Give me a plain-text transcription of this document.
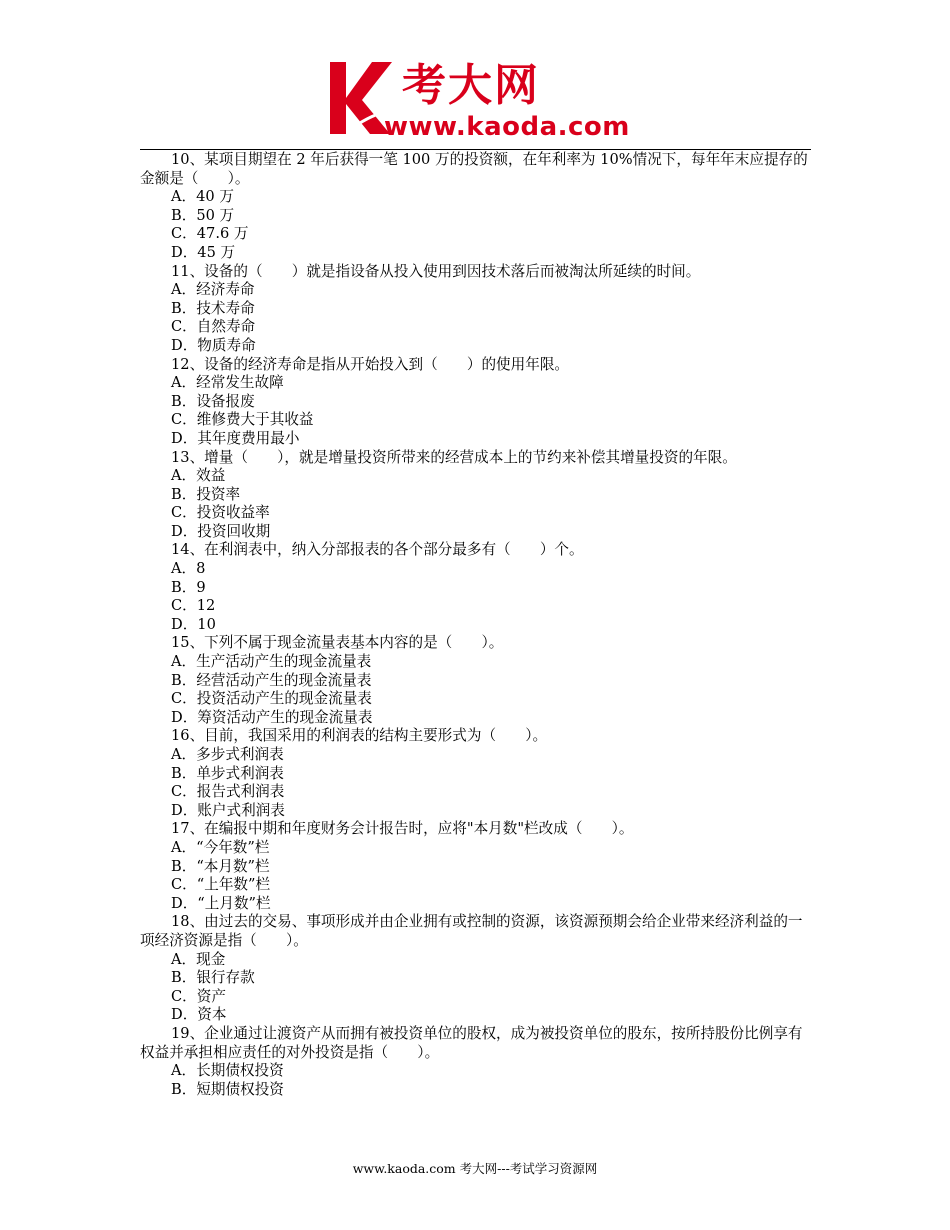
考大网
www.kaoda.com

10、某项目期望在 2 年后获得一笔 100 万的投资额，在年利率为 10%情况下，每年年末应提存的金额是（　　）。

A．40 万

B．50 万

C．47.6 万

D．45 万

11、设备的（　　）就是指设备从投入使用到因技术落后而被淘汰所延续的时间。

A．经济寿命

B．技术寿命

C．自然寿命

D．物质寿命

12、设备的经济寿命是指从开始投入到（　　）的使用年限。

A．经常发生故障

B．设备报废

C．维修费大于其收益

D．其年度费用最小

13、增量（　　），就是增量投资所带来的经营成本上的节约来补偿其增量投资的年限。

A．效益

B．投资率

C．投资收益率

D．投资回收期

14、在利润表中，纳入分部报表的各个部分最多有（　　）个。

A．8

B．9

C．12

D．10

15、下列不属于现金流量表基本内容的是（　　）。

A．生产活动产生的现金流量表

B．经营活动产生的现金流量表

C．投资活动产生的现金流量表

D．筹资活动产生的现金流量表

16、目前，我国采用的利润表的结构主要形式为（　　）。

A．多步式利润表

B．单步式利润表

C．报告式利润表

D．账户式利润表

17、在编报中期和年度财务会计报告时，应将"本月数"栏改成（　　）。

A．“今年数”栏

B．“本月数”栏

C．“上年数”栏

D．“上月数”栏

18、由过去的交易、事项形成并由企业拥有或控制的资源，该资源预期会给企业带来经济利益的一项经济资源是指（　　）。

A．现金

B．银行存款

C．资产

D．资本

19、企业通过让渡资产从而拥有被投资单位的股权，成为被投资单位的股东，按所持股份比例享有权益并承担相应责任的对外投资是指（　　）。

A．长期债权投资

B．短期债权投资

www.kaoda.com 考大网---考试学习资源网
